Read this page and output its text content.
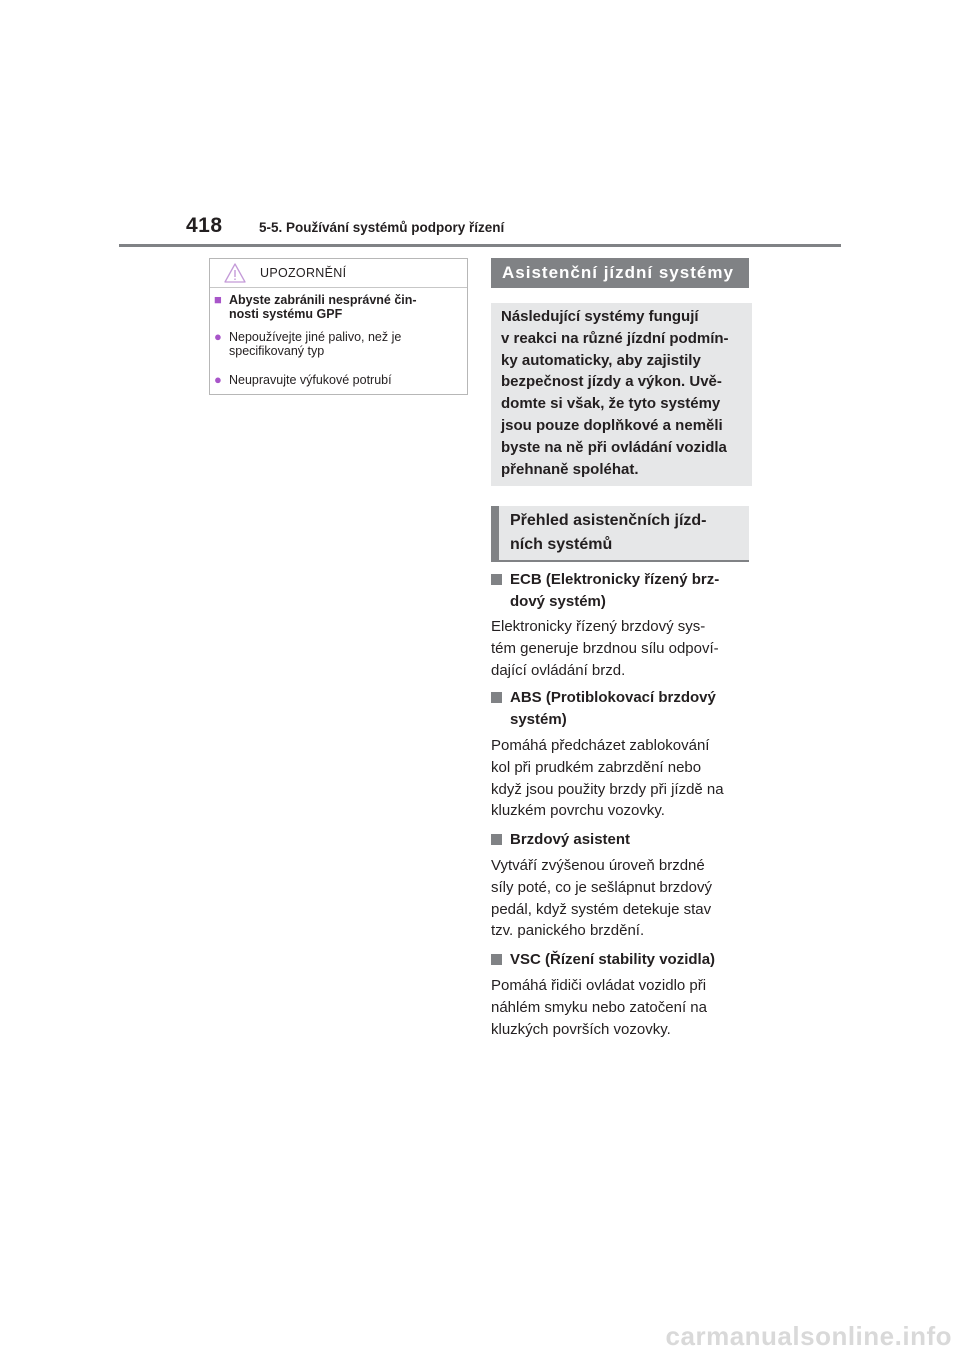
418	5-5. Používání systémů podpory řízení
UPOZORNĚNÍ
■ Abyste zabránili nesprávné čin-
nosti systému GPF
● Nepoužívejte jiné palivo, než je
specifikovaný typ
● Neupravujte výfukové potrubí
Asistenční jízdní systémy
Následující systémy fungují
v reakci na různé jízdní podmín-
ky automaticky, aby zajistily
bezpečnost jízdy a výkon. Uvě-
domte si však, že tyto systémy
jsou pouze doplňkové a neměli
byste na ně při ovládání vozidla
přehnaně spoléhat.
Přehled asistenčních jízd-
ních systémů
ECB (Elektronicky řízený brz-
dový systém)
Elektronicky řízený brzdový sys-
tém generuje brzdnou sílu odpoví-
dající ovládání brzd.
ABS (Protiblokovací brzdový
systém)
Pomáhá předcházet zablokování
kol při prudkém zabrzdění nebo
když jsou použity brzdy při jízdě na
kluzkém povrchu vozovky.
Brzdový asistent
Vytváří zvýšenou úroveň brzdné
síly poté, co je sešlápnut brzdový
pedál, když systém detekuje stav
tzv. panického brzdění.
VSC (Řízení stability vozidla)
Pomáhá řidiči ovládat vozidlo při
náhlém smyku nebo zatočení na
kluzkých površích vozovky.
carmanualsonline.info
